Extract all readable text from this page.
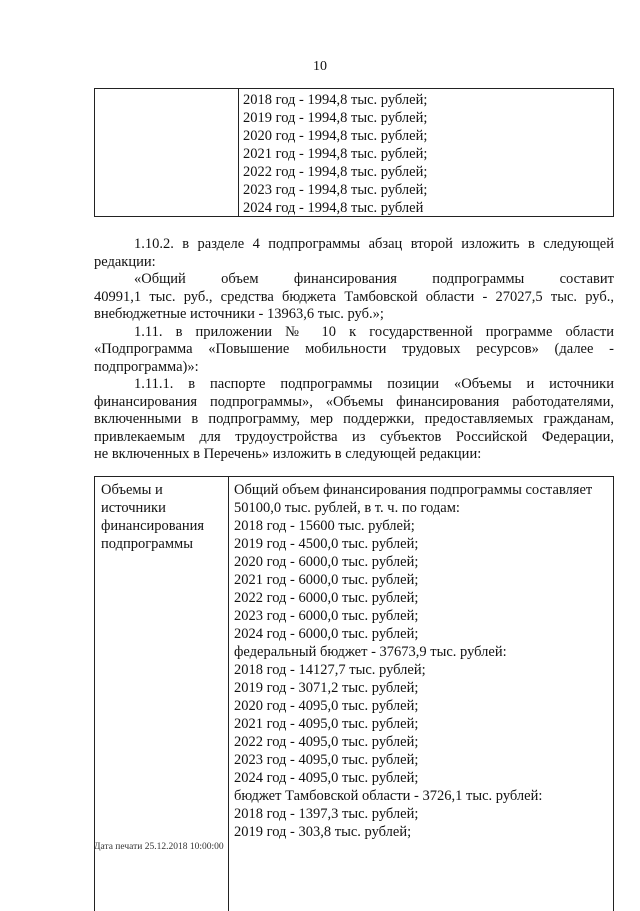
10
2018 год - 1994,8 тыс. рублей;
2019 год - 1994,8 тыс. рублей;
2020 год - 1994,8 тыс. рублей;
2021 год - 1994,8 тыс. рублей;
2022 год - 1994,8 тыс. рублей;
2023 год - 1994,8 тыс. рублей;
2024 год - 1994,8 тыс. рублей

1.10.2. в разделе 4 подпрограммы абзац второй изложить в следующей
редакции:

«Общий объем финансирования подпрограммы составит
40991,1 тыс. руб., средства бюджета Тамбовской области - 27027,5 тыс. руб.,
внебюджетные источники - 13963,6 тыс. руб.»;

1.11. в приложении № 10 к государственной программе области
«Подпрограмма «Повышение мобильности трудовых ресурсов» (далее -
подпрограмма)»:

1.11.1. в паспорте подпрограммы позиции «Объемы и источники
финансирования подпрограммы», «Объемы финансирования работодателями,
включенными в подпрограмму, мер поддержки, предоставляемых гражданам,
привлекаемым для трудоустройства из субъектов Российской Федерации,
не включенных в Перечень» изложить в следующей редакции:

Объемы и
источники
финансирования
подпрограммы
Общий объем финансирования подпрограммы составляет
50100,0 тыс. рублей, в т. ч. по годам:
2018 год - 15600 тыс. рублей;
2019 год - 4500,0 тыс. рублей;
2020 год - 6000,0 тыс. рублей;
2021 год - 6000,0 тыс. рублей;
2022 год - 6000,0 тыс. рублей;
2023 год - 6000,0 тыс. рублей;
2024 год - 6000,0 тыс. рублей;
федеральный бюджет - 37673,9 тыс. рублей:
2018 год - 14127,7 тыс. рублей;
2019 год - 3071,2 тыс. рублей;
2020 год - 4095,0 тыс. рублей;
2021 год - 4095,0 тыс. рублей;
2022 год - 4095,0 тыс. рублей;
2023 год - 4095,0 тыс. рублей;
2024 год - 4095,0 тыс. рублей;
бюджет Тамбовской области - 3726,1 тыс. рублей:
2018 год - 1397,3 тыс. рублей;
2019 год - 303,8 тыс. рублей;
Дата печати 25.12.2018 10:00:00
